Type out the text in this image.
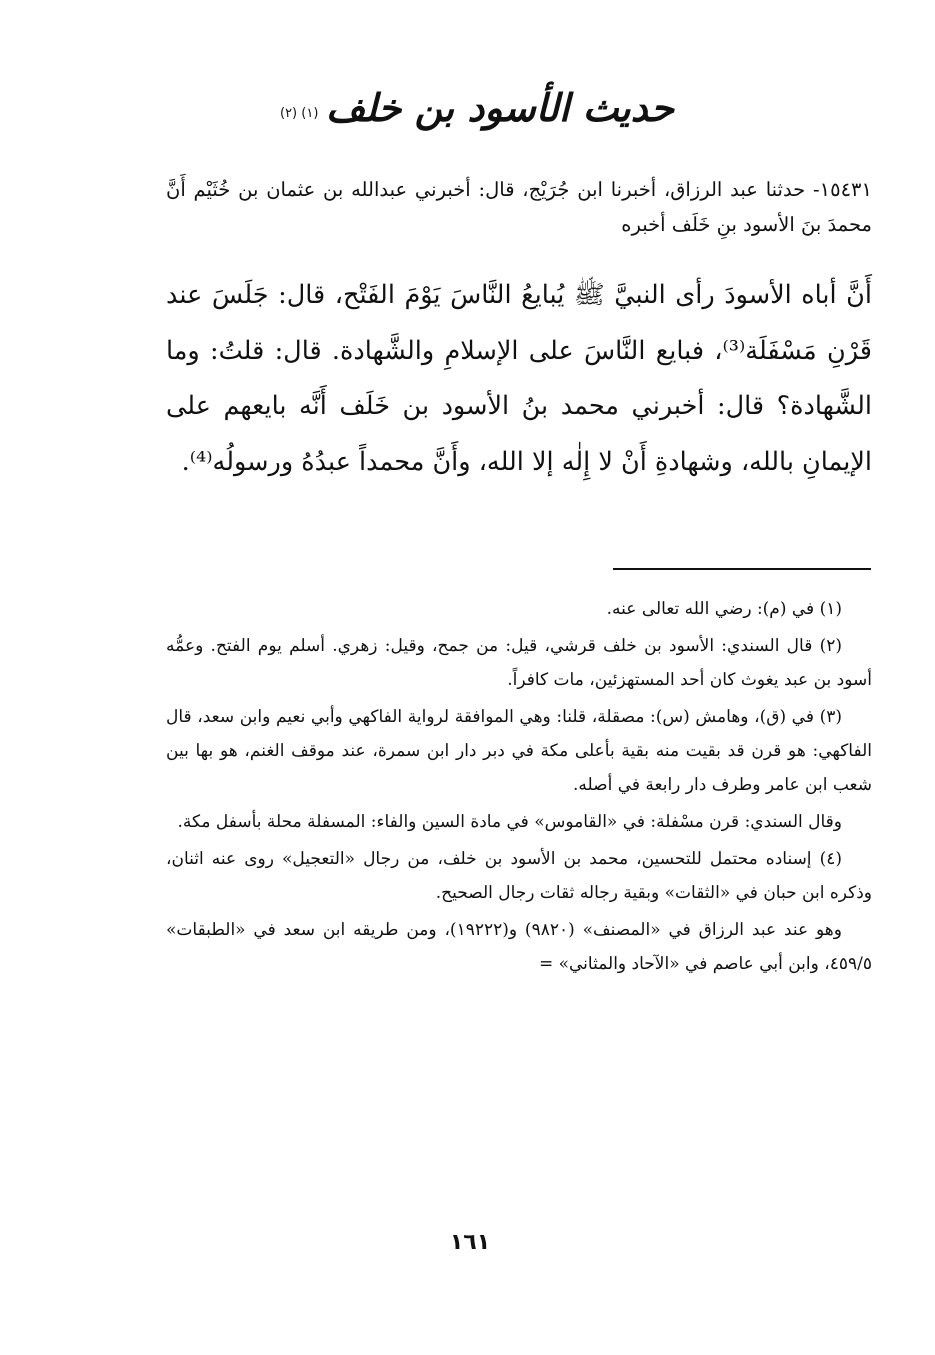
حديث الأسود بن خلف
(١) (٢)
١٥٤٣١- حدثنا عبد الرزاق، أخبرنا ابن جُرَيْج، قال: أخبرني عبدالله بن عثمان بن خُثَيْم أَنَّ محمدَ بنَ الأسود بنِ خَلَف أخبره
أَنَّ أباه الأسودَ رأى النبيَّ ﷺ يُبايعُ النَّاسَ يَوْمَ الفَتْح، قال: جَلَسَ عند قَرْنِ مَسْفَلَة⁽³⁾، فبايع النَّاسَ على الإسلامِ والشَّهادة. قال: قلتُ: وما الشَّهادة؟ قال: أخبرني محمد بنُ الأسود بن خَلَف أَنَّه بايعهم على الإيمانِ بالله، وشهادةِ أَنْ لا إِلٰه إلا الله، وأَنَّ محمداً عبدُهُ ورسولُه⁽⁴⁾.

(١) في (م): رضي الله تعالى عنه.

(٢) قال السندي: الأسود بن خلف قرشي، قيل: من جمح، وقيل: زهري. أسلم يوم الفتح. وعمُّه أسود بن عبد يغوث كان أحد المستهزئين، مات كافراً.

(٣) في (ق)، وهامش (س): مصقلة، قلنا: وهي الموافقة لرواية الفاكهي وأبي نعيم وابن سعد، قال الفاكهي: هو قرن قد بقيت منه بقية بأعلى مكة في دبر دار ابن سمرة، عند موقف الغنم، هو بها بين شعب ابن عامر وطرف دار رابعة في أصله.

وقال السندي: قرن مسْفلة: في «القاموس» في مادة السين والفاء: المسفلة محلة بأسفل مكة.

(٤) إسناده محتمل للتحسين، محمد بن الأسود بن خلف، من رجال «التعجيل» روى عنه اثنان، وذكره ابن حبان في «الثقات» وبقية رجاله ثقات رجال الصحيح.

وهو عند عبد الرزاق في «المصنف» (٩٨٢٠) و(١٩٢٢٢)، ومن طريقه ابن سعد في «الطبقات» ٤٥٩/٥، وابن أبي عاصم في «الآحاد والمثاني» =

١٦١
